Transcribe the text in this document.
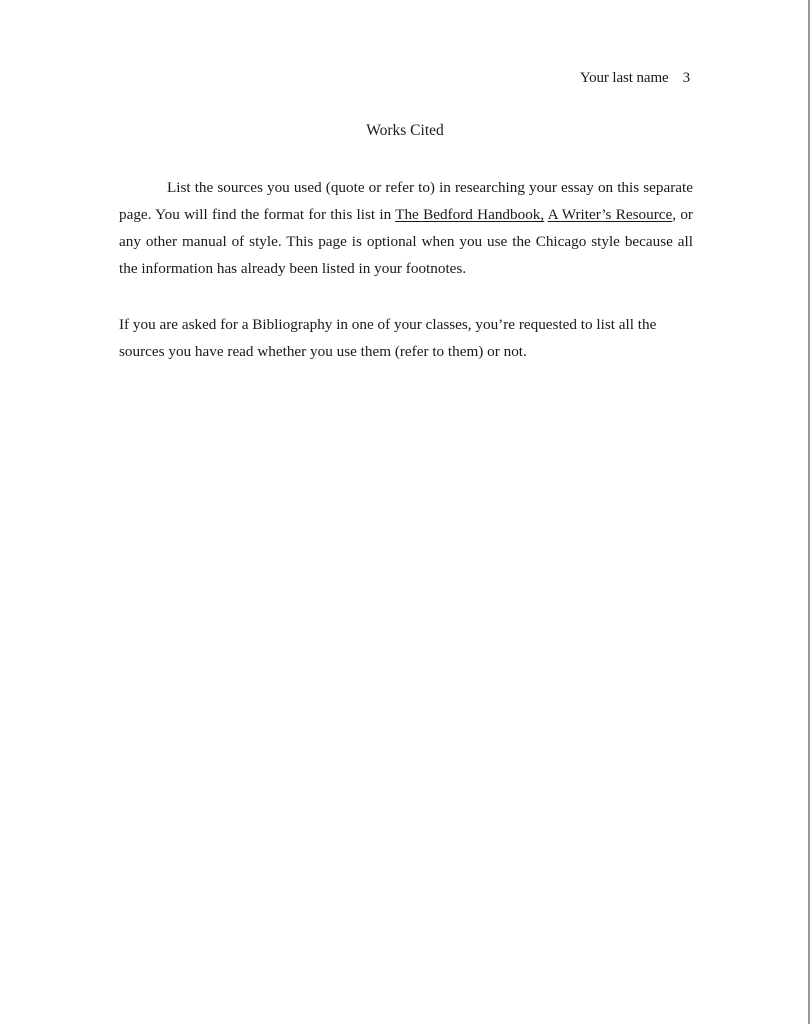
Your last name 3
Works Cited

List the sources you used (quote or refer to) in researching your essay on this separate page. You will find the format for this list in The Bedford Handbook, A Writer’s Resource, or any other manual of style. This page is optional when you use the Chicago style because all the information has already been listed in your footnotes.

If you are asked for a Bibliography in one of your classes, you’re requested to list all the sources you have read whether you use them (refer to them) or not.
